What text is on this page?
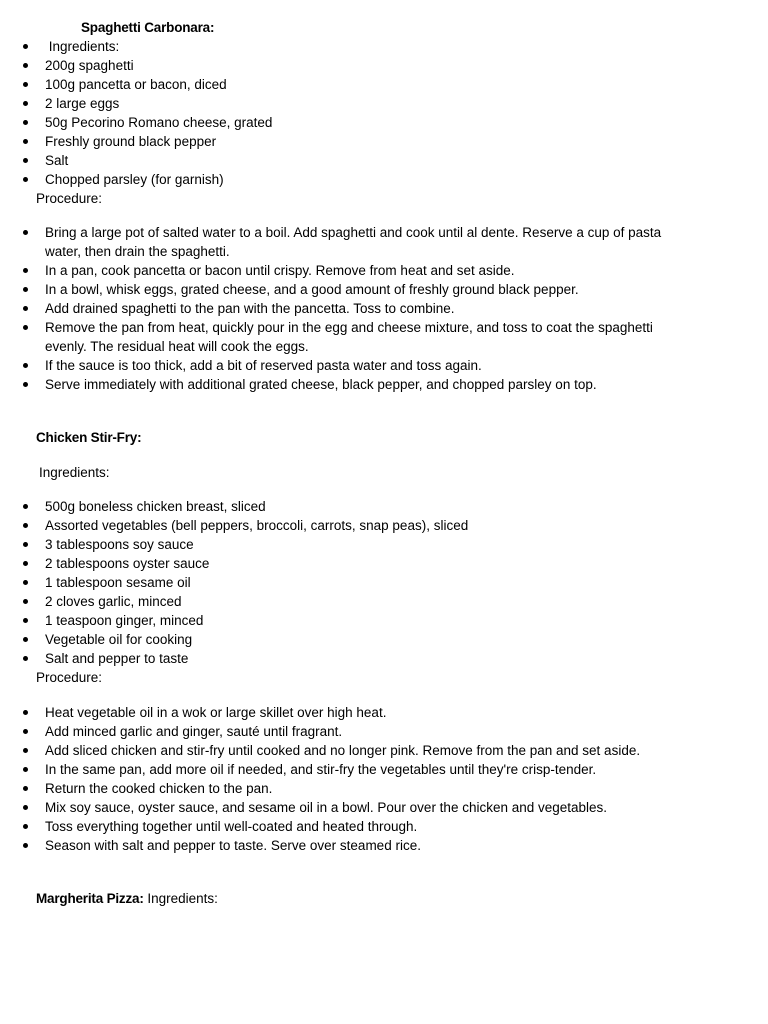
Spaghetti Carbonara:
Ingredients:
200g spaghetti
100g pancetta or bacon, diced
2 large eggs
50g Pecorino Romano cheese, grated
Freshly ground black pepper
Salt
Chopped parsley (for garnish)
Procedure:
Bring a large pot of salted water to a boil. Add spaghetti and cook until al dente. Reserve a cup of pasta water, then drain the spaghetti.
In a pan, cook pancetta or bacon until crispy. Remove from heat and set aside.
In a bowl, whisk eggs, grated cheese, and a good amount of freshly ground black pepper.
Add drained spaghetti to the pan with the pancetta. Toss to combine.
Remove the pan from heat, quickly pour in the egg and cheese mixture, and toss to coat the spaghetti evenly. The residual heat will cook the eggs.
If the sauce is too thick, add a bit of reserved pasta water and toss again.
Serve immediately with additional grated cheese, black pepper, and chopped parsley on top.
Chicken Stir-Fry:
Ingredients:
500g boneless chicken breast, sliced
Assorted vegetables (bell peppers, broccoli, carrots, snap peas), sliced
3 tablespoons soy sauce
2 tablespoons oyster sauce
1 tablespoon sesame oil
2 cloves garlic, minced
1 teaspoon ginger, minced
Vegetable oil for cooking
Salt and pepper to taste
Procedure:
Heat vegetable oil in a wok or large skillet over high heat.
Add minced garlic and ginger, sauté until fragrant.
Add sliced chicken and stir-fry until cooked and no longer pink. Remove from the pan and set aside.
In the same pan, add more oil if needed, and stir-fry the vegetables until they're crisp-tender.
Return the cooked chicken to the pan.
Mix soy sauce, oyster sauce, and sesame oil in a bowl. Pour over the chicken and vegetables.
Toss everything together until well-coated and heated through.
Season with salt and pepper to taste. Serve over steamed rice.
Margherita Pizza: Ingredients:
